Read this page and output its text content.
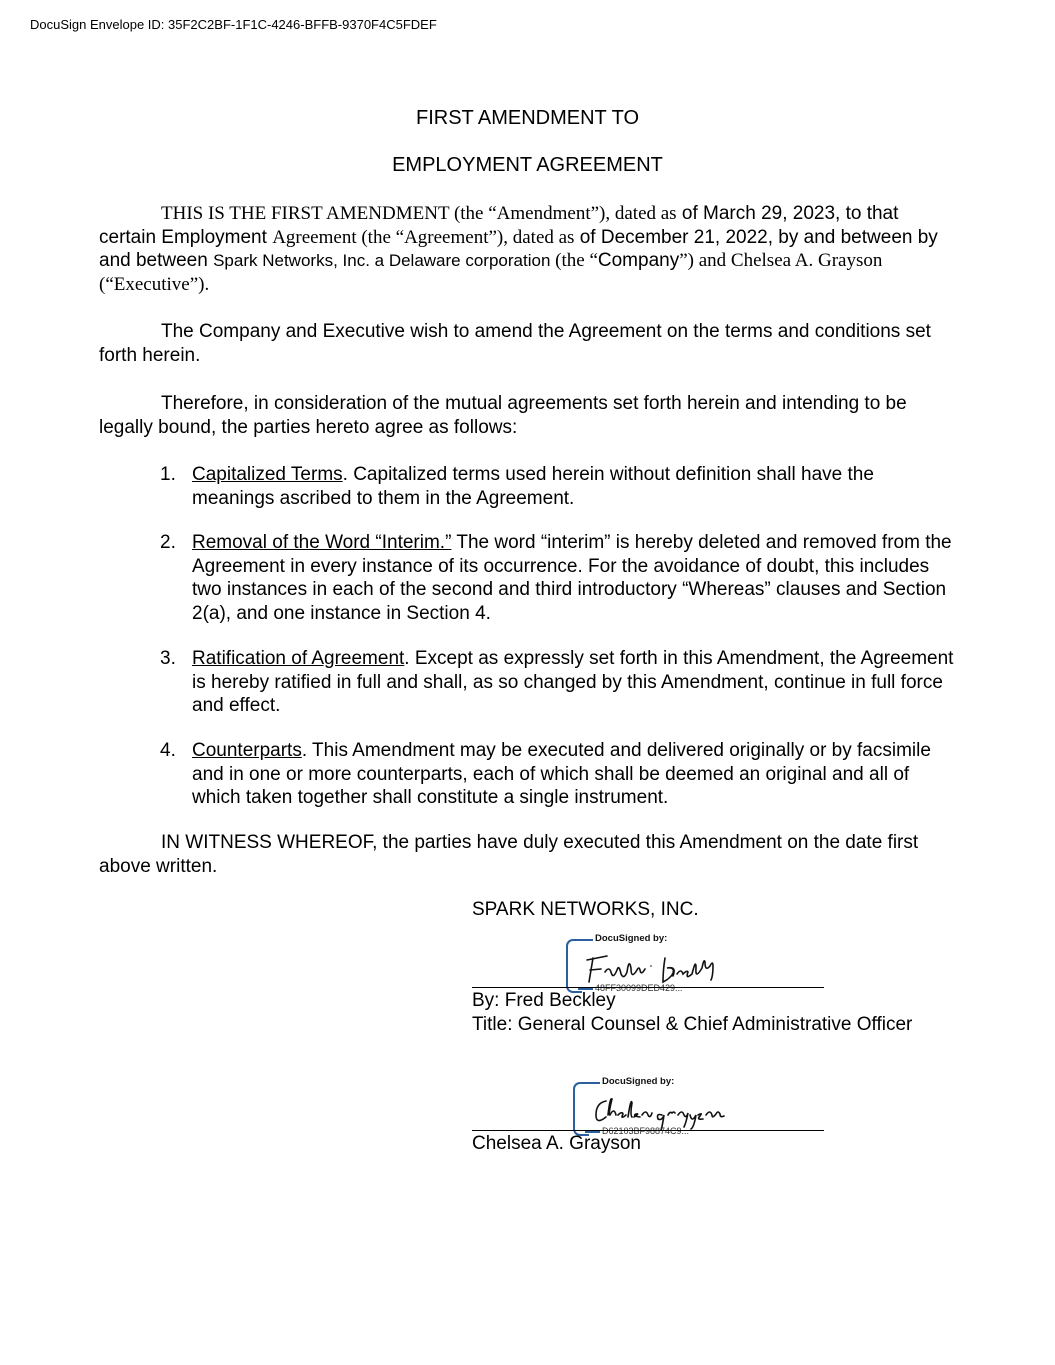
DocuSign Envelope ID: 35F2C2BF-1F1C-4246-BFFB-9370F4C5FDEF
FIRST AMENDMENT TO
EMPLOYMENT AGREEMENT
THIS IS THE FIRST AMENDMENT (the “Amendment”), dated as of March 29, 2023, to that certain Employment Agreement (the “Agreement”), dated as of December 21, 2022, by and between by and between Spark Networks, Inc. a Delaware corporation (the “Company”) and Chelsea A. Grayson (“Executive”).
The Company and Executive wish to amend the Agreement on the terms and conditions set forth herein.
Therefore, in consideration of the mutual agreements set forth herein and intending to be legally bound, the parties hereto agree as follows:
1. Capitalized Terms. Capitalized terms used herein without definition shall have the meanings ascribed to them in the Agreement.
2. Removal of the Word “Interim.” The word “interim” is hereby deleted and removed from the Agreement in every instance of its occurrence. For the avoidance of doubt, this includes two instances in each of the second and third introductory “Whereas” clauses and Section 2(a), and one instance in Section 4.
3. Ratification of Agreement. Except as expressly set forth in this Amendment, the Agreement is hereby ratified in full and shall, as so changed by this Amendment, continue in full force and effect.
4. Counterparts. This Amendment may be executed and delivered originally or by facsimile and in one or more counterparts, each of which shall be deemed an original and all of which taken together shall constitute a single instrument.
IN WITNESS WHEREOF, the parties have duly executed this Amendment on the date first above written.
SPARK NETWORKS, INC.
DocuSigned by:
Frederic Beckley 48FF30099DED429...
By: Fred Beckley
Title: General Counsel & Chief Administrative Officer
DocuSigned by:
Chelsea grayson D62103BF98874C9...
Chelsea A. Grayson
